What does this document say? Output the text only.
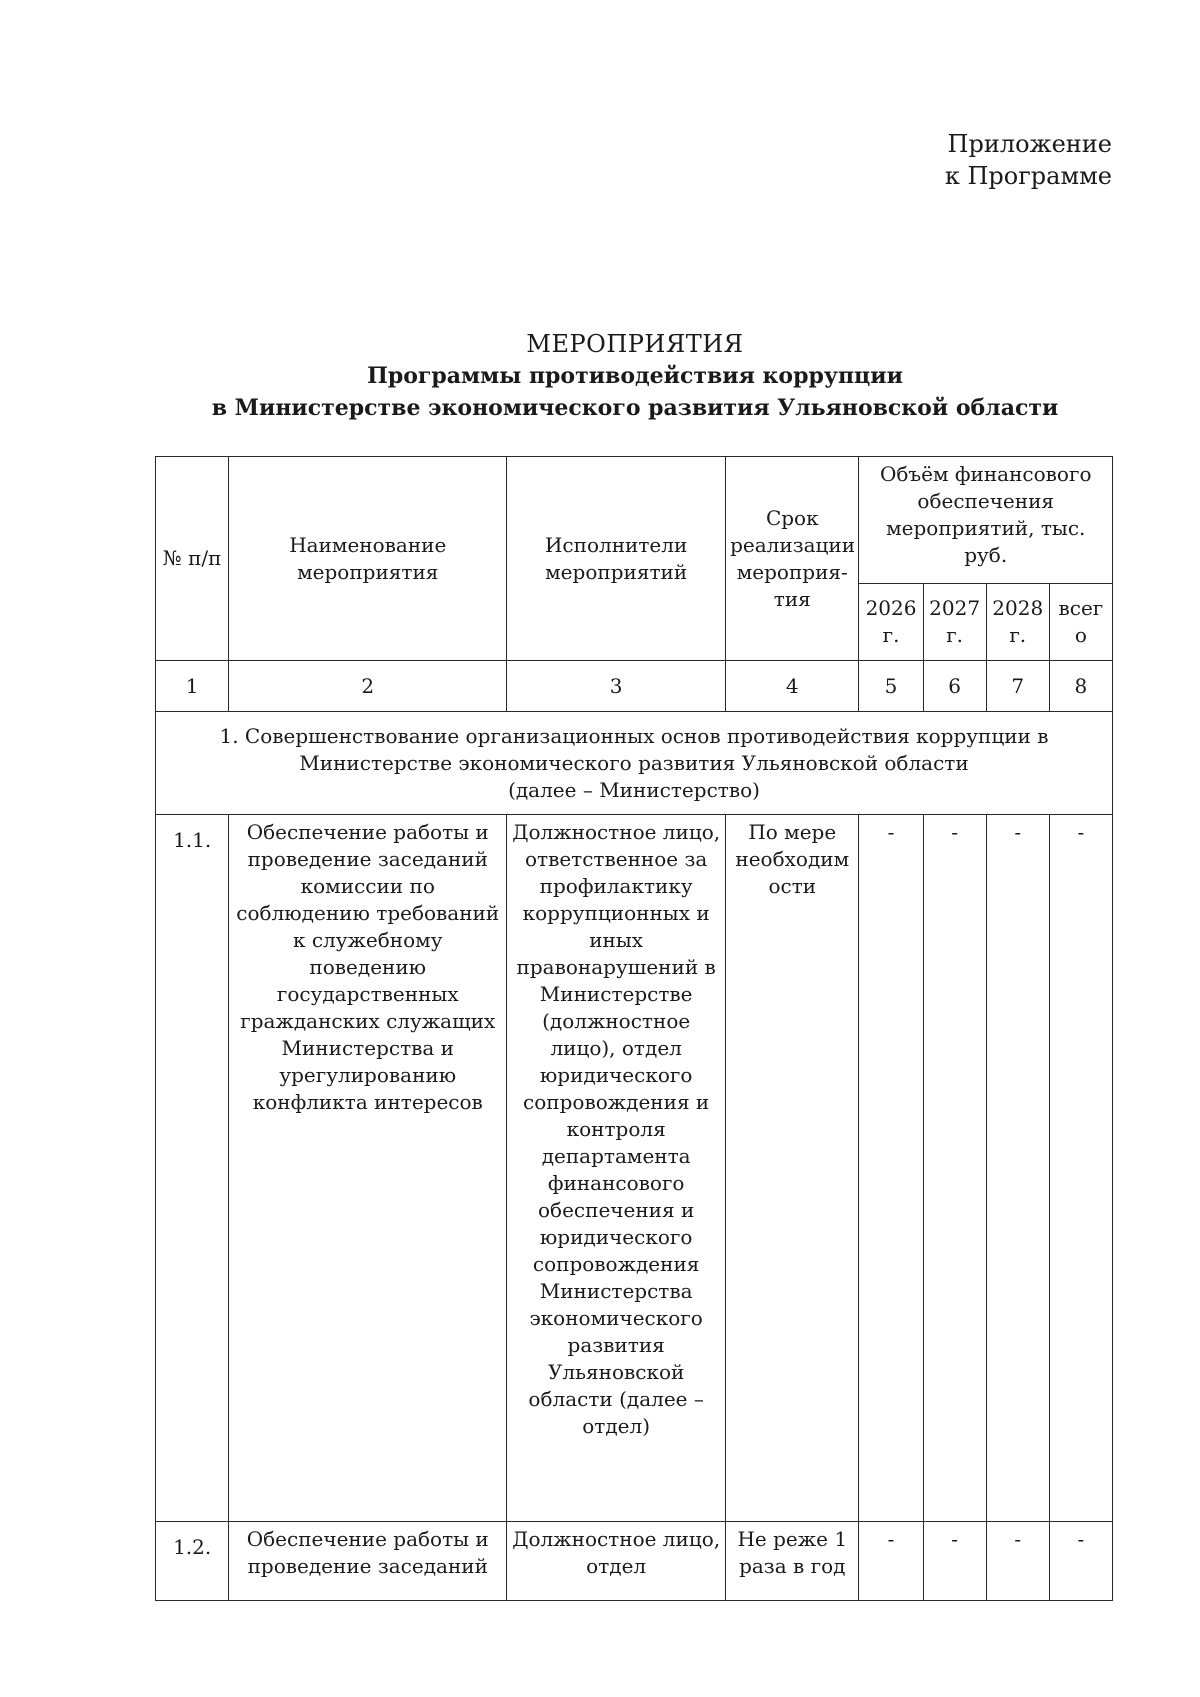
Приложение
к Программе
МЕРОПРИЯТИЯ
Программы противодействия коррупции
в Министерстве экономического развития Ульяновской области
№ п/п	Наименование мероприятия	Исполнители мероприятий	Срок реализации мероприя-тия	Объём финансового обеспечения мероприятий, тыс. руб.			
				2026 г.	2027 г.	2028 г.	всег о
1	2	3	4	5	6	7	8

1. Совершенствование организационных основ противодействия коррупции в
Министерстве экономического развития Ульяновской области
(далее – Министерство)							

1.1.	Обеспечение работы и проведение заседаний комиссии по соблюдению требований к служебному поведению государственных гражданских служащих Министерства и урегулированию конфликта интересов	Должностное лицо, ответственное за профилактику коррупционных и иных правонарушений в Министерстве (должностное лицо), отдел юридического сопровождения и контроля департамента финансового обеспечения и юридического сопровождения Министерства экономического развития Ульяновской области (далее – отдел)	По мере необходим ости	-	-	-	-
1.2.	Обеспечение работы и проведение заседаний	Должностное лицо, отдел	Не реже 1 раза в год	-	-	-	-
